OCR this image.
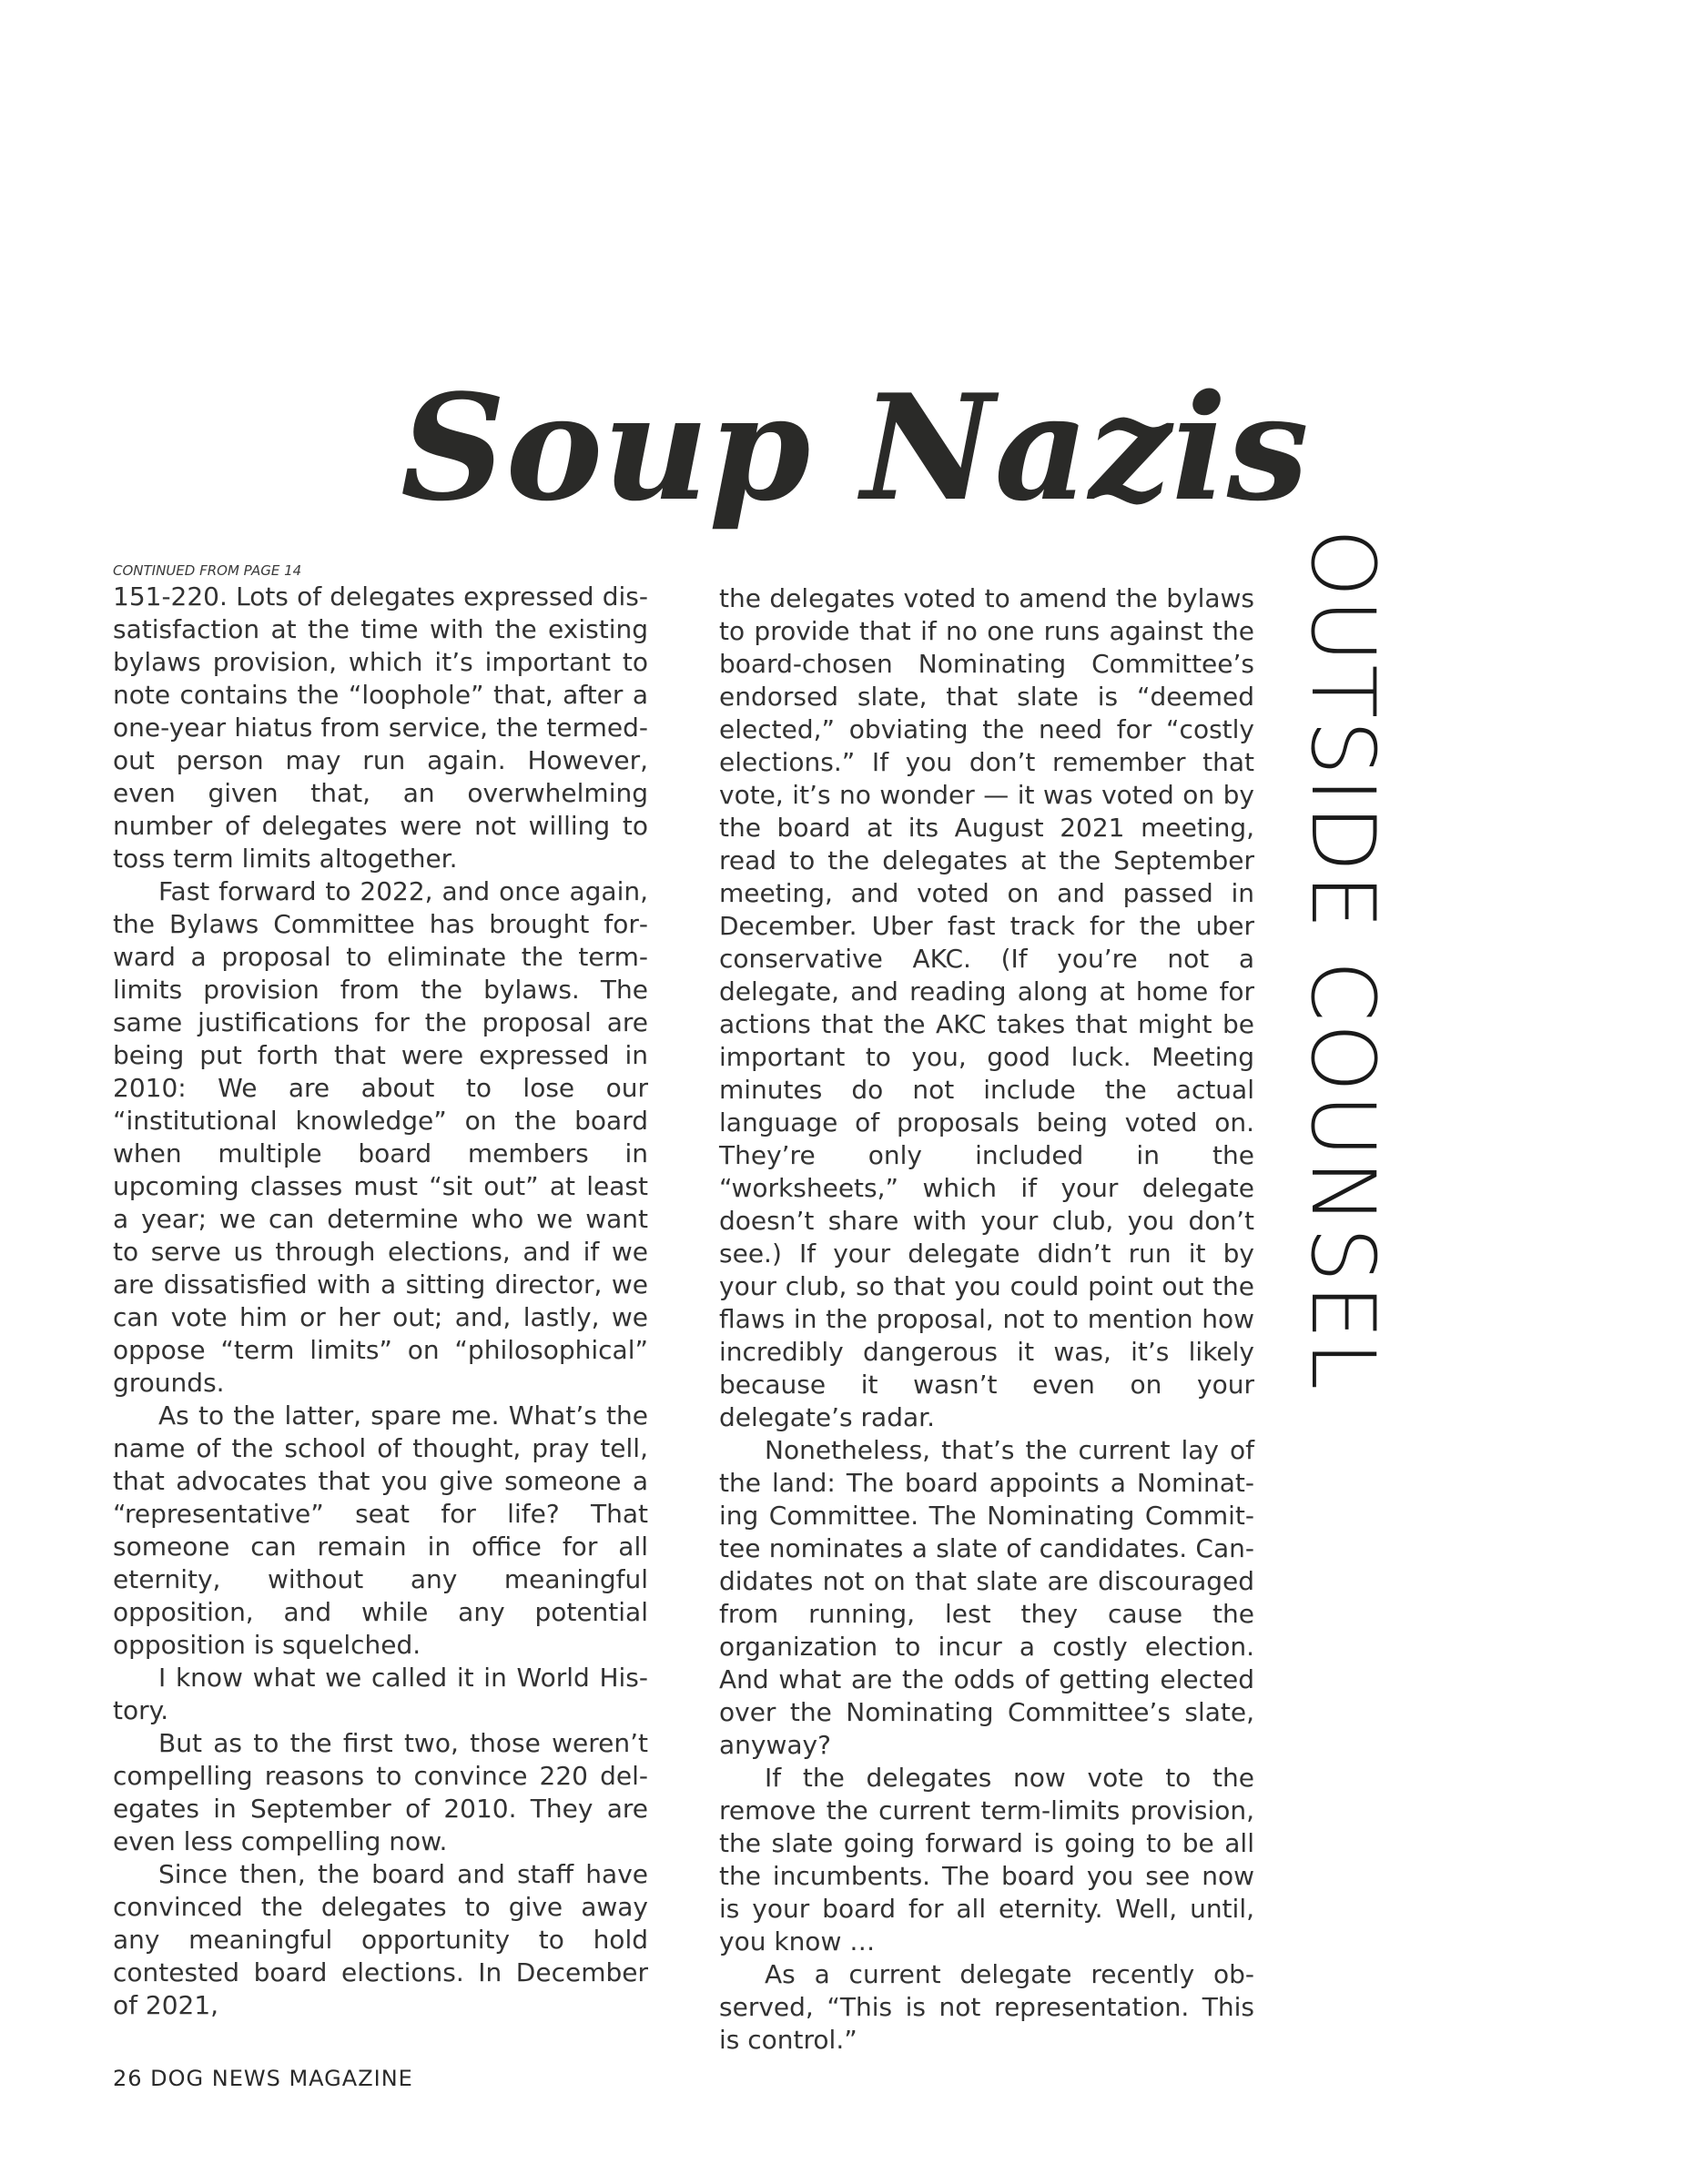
Soup Nazis
OUTSIDE COUNSEL
CONTINUED FROM PAGE 14

151-220. Lots of delegates expressed dissatisfaction at the time with the existing bylaws provision, which it’s important to note contains the “loophole” that, after a one-year hiatus from service, the termed-out person may run again. However, even given that, an overwhelming number of delegates were not willing to toss term limits altogether.

Fast forward to 2022, and once again, the Bylaws Committee has brought forward a proposal to eliminate the term-limits provision from the bylaws. The same justifications for the proposal are being put forth that were expressed in 2010: We are about to lose our “institutional knowledge” on the board when multiple board members in upcoming classes must “sit out” at least a year; we can determine who we want to serve us through elections, and if we are dissatisfied with a sitting director, we can vote him or her out; and, lastly, we oppose “term limits” on “philosophical” grounds.

As to the latter, spare me. What’s the name of the school of thought, pray tell, that advocates that you give someone a “representative” seat for life? That someone can remain in office for all eternity, without any meaningful opposition, and while any potential opposition is squelched.

I know what we called it in World History.

But as to the first two, those weren’t compelling reasons to convince 220 delegates in September of 2010. They are even less compelling now.

Since then, the board and staff have convinced the delegates to give away any meaningful opportunity to hold contested board elections. In December of 2021,

the delegates voted to amend the bylaws to provide that if no one runs against the board-chosen Nominating Committee’s endorsed slate, that slate is “deemed elected,” obviating the need for “costly elections.” If you don’t remember that vote, it’s no wonder — it was voted on by the board at its August 2021 meeting, read to the delegates at the September meeting, and voted on and passed in December. Uber fast track for the uber conservative AKC. (If you’re not a delegate, and reading along at home for actions that the AKC takes that might be important to you, good luck. Meeting minutes do not include the actual language of proposals being voted on. They’re only included in the “worksheets,” which if your delegate doesn’t share with your club, you don’t see.) If your delegate didn’t run it by your club, so that you could point out the flaws in the proposal, not to mention how incredibly dangerous it was, it’s likely because it wasn’t even on your delegate’s radar.

Nonetheless, that’s the current lay of the land: The board appoints a Nominating Committee. The Nominating Committee nominates a slate of candidates. Candidates not on that slate are discouraged from running, lest they cause the organization to incur a costly election. And what are the odds of getting elected over the Nominating Committee’s slate, anyway?

If the delegates now vote to the remove the current term-limits provision, the slate going forward is going to be all the incumbents. The board you see now is your board for all eternity. Well, until, you know …

As a current delegate recently observed, “This is not representation. This is control.”

26 DOG NEWS MAGAZINE
